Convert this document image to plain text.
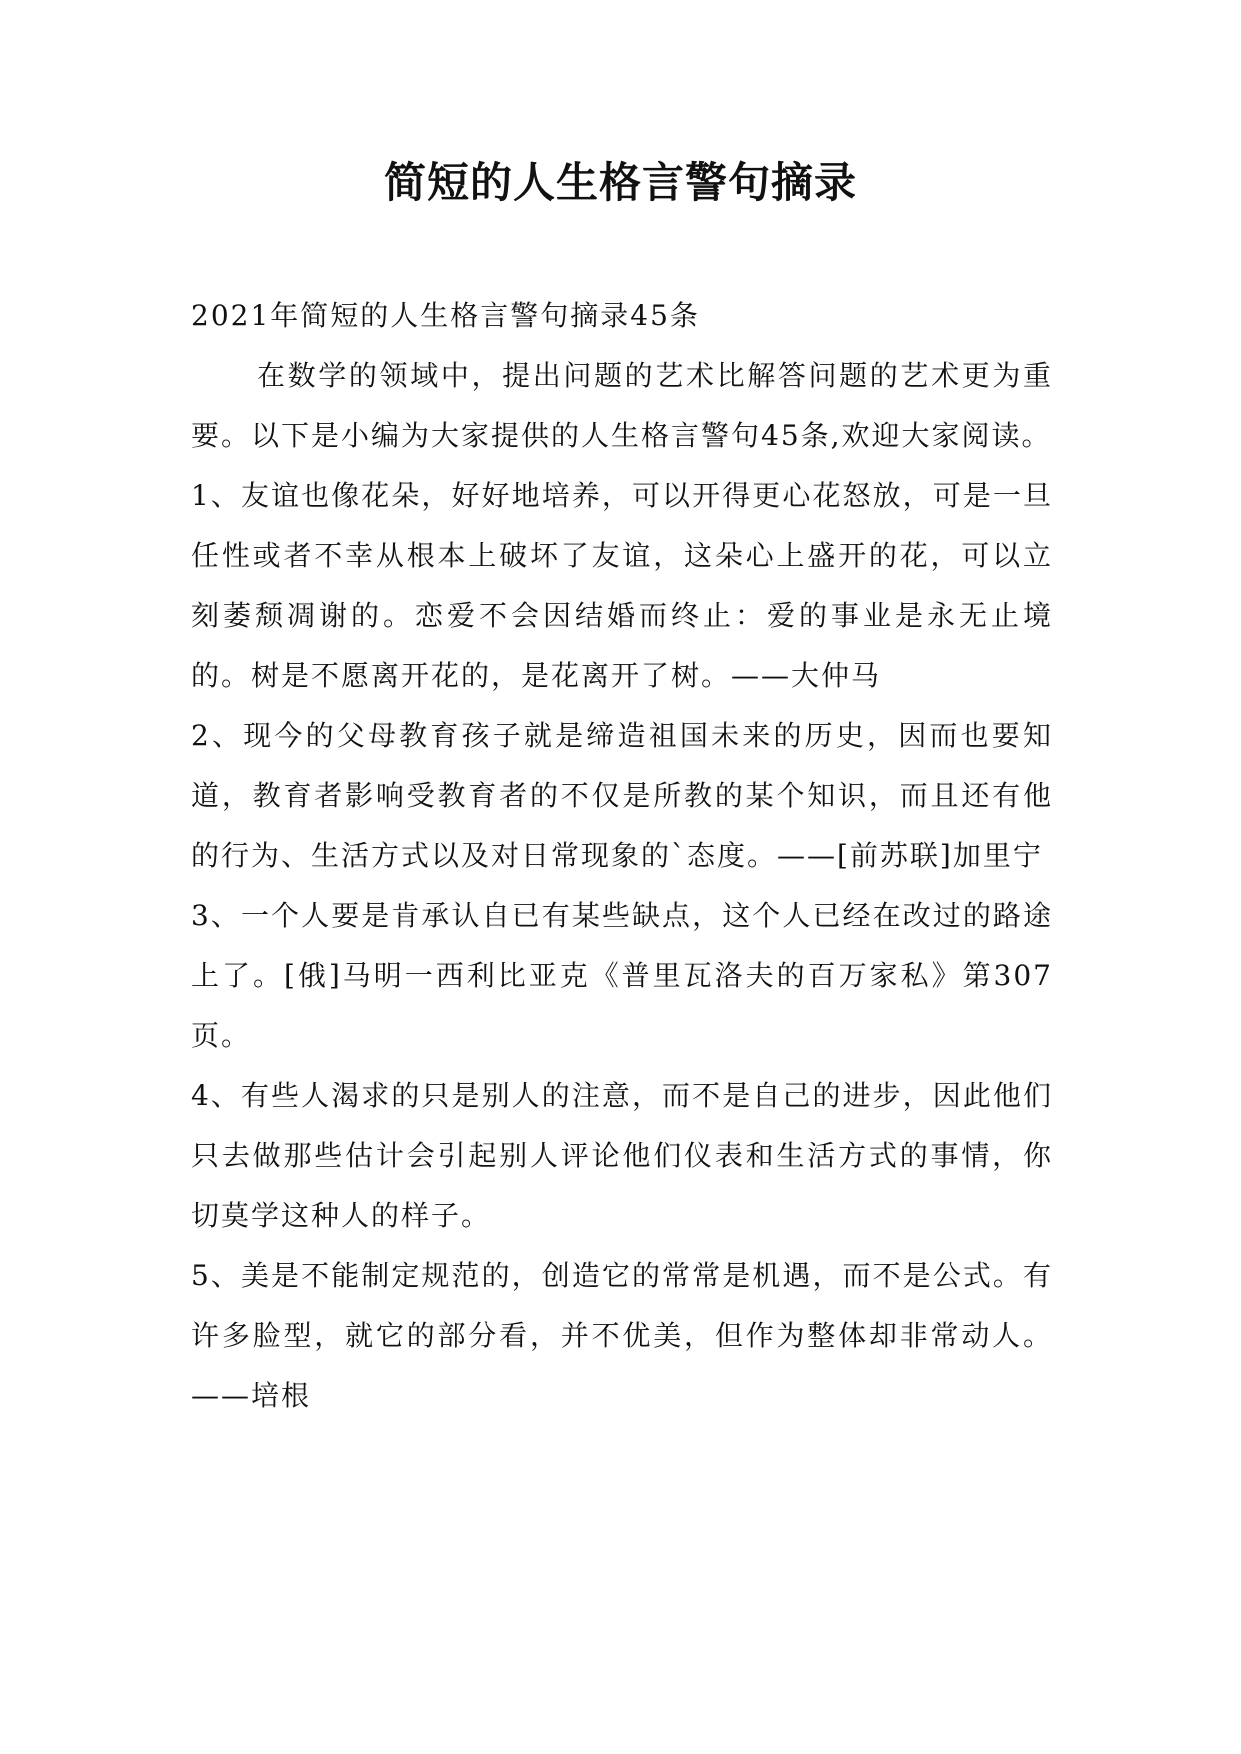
简短的人生格言警句摘录

2021年简短的人生格言警句摘录45条

在数学的领域中，提出问题的艺术比解答问题的艺术更为重要。以下是小编为大家提供的人生格言警句45条,欢迎大家阅读。

1、友谊也像花朵，好好地培养，可以开得更心花怒放，可是一旦任性或者不幸从根本上破坏了友谊，这朵心上盛开的花，可以立刻萎颓凋谢的。恋爱不会因结婚而终止：爱的事业是永无止境的。树是不愿离开花的，是花离开了树。——大仲马

2、现今的父母教育孩子就是缔造祖国未来的历史，因而也要知道，教育者影响受教育者的不仅是所教的某个知识，而且还有他的行为、生活方式以及对日常现象的`态度。——[前苏联]加里宁

3、一个人要是肯承认自已有某些缺点，这个人已经在改过的路途上了。[俄]马明一西利比亚克《普里瓦洛夫的百万家私》第307页。

4、有些人渴求的只是别人的注意，而不是自己的进步，因此他们只去做那些估计会引起别人评论他们仪表和生活方式的事情，你切莫学这种人的样子。

5、美是不能制定规范的，创造它的常常是机遇，而不是公式。有许多脸型，就它的部分看，并不优美，但作为整体却非常动人。——培根
